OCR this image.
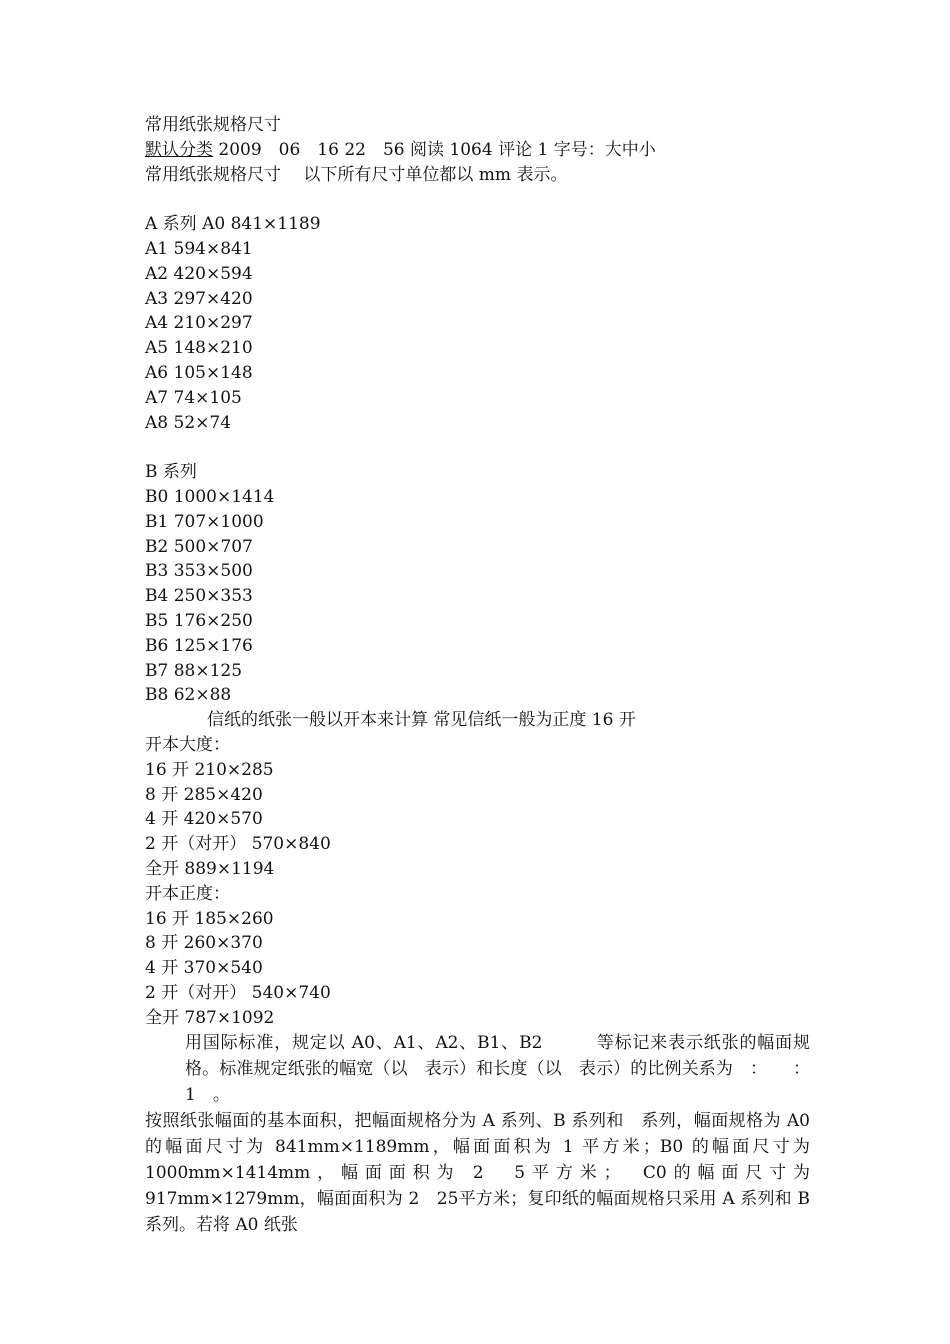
常用纸张规格尺寸
默认分类 2009　06　16 22　56 阅读 1064 评论 1 字号：大中小
常用纸张规格尺寸　 以下所有尺寸单位都以 mm 表示。
A 系列 A0 841×1189
A1 594×841
A2 420×594
A3 297×420
A4 210×297
A5 148×210
A6 105×148
A7 74×105
A8 52×74
B 系列
B0 1000×1414
B1 707×1000
B2 500×707
B3 353×500
B4 250×353
B5 176×250
B6 125×176
B7 88×125
B8 62×88
信纸的纸张一般以开本来计算 常见信纸一般为正度 16 开
开本大度：
16 开 210×285
8 开 285×420
4 开 420×570
2 开（对开） 570×840
全开 889×1194
开本正度：
16 开 185×260
8 开 260×370
4 开 370×540
2 开（对开） 540×740
全开 787×1092
用国际标准，规定以 A0、A1、A2、B1、B2　　　等标记来表示纸张的幅面规格。标准规定纸张的幅宽（以　表示）和长度（以　表示）的比例关系为　：　　：1　。
按照纸张幅面的基本面积，把幅面规格分为 A 系列、B 系列和　系列，幅面规格为 A0 的幅面尺寸为 841mm×1189mm，幅面面积为 1 平方米；B0 的幅面尺寸为 1000mm×1414mm，幅面面积为 2　5平方米；　C0的幅面尺寸为 917mm×1279mm，幅面面积为 2　25平方米；复印纸的幅面规格只采用 A 系列和 B 系列。若将 A0 纸张
